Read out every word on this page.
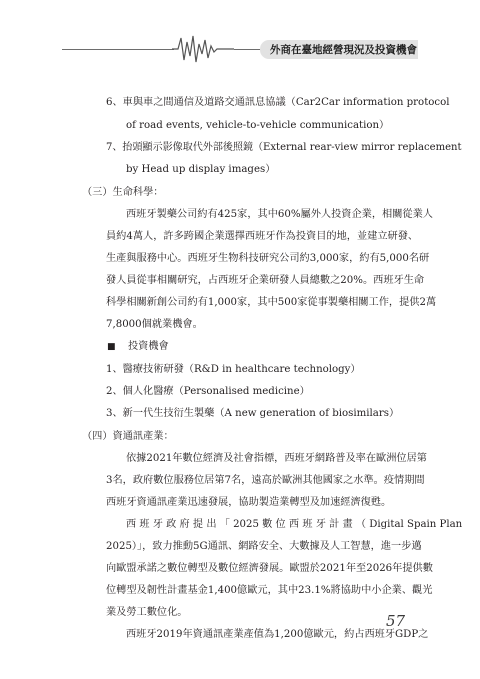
外商在臺地經營現況及投資機會
6、車與車之間通信及道路交通訊息協議（Car2Car information protocol
of road events, vehicle-to-vehicle communication）
7、抬頭顯示影像取代外部後照鏡（External rear-view mirror replacement
by Head up display images）
（三）生命科學：
西班牙製藥公司約有425家，其中60%屬外人投資企業，相關從業人
員約4萬人，許多跨國企業選擇西班牙作為投資目的地，並建立研發、
生產與服務中心。西班牙生物科技研究公司約3,000家，約有5,000名研
發人員從事相關研究，占西班牙企業研發人員總數之20%。西班牙生命
科學相關新創公司約有1,000家，其中500家從事製藥相關工作，提供2萬
7,8000個就業機會。
■ 投資機會
1、醫療技術研發（R&D in healthcare technology）
2、個人化醫療（Personalised medicine）
3、新一代生技衍生製藥（A new generation of biosimilars）
（四）資通訊產業：
依據2021年數位經濟及社會指標，西班牙網路普及率在歐洲位居第
3名，政府數位服務位居第7名，遠高於歐洲其他國家之水準。疫情期間
西班牙資通訊產業迅速發展，協助製造業轉型及加速經濟復甦。
西 班 牙 政 府 提 出 「 2025 數 位 西 班 牙 計 畫 （ Digital Spain Plan
2025）」，致力推動5G通訊、網路安全、大數據及人工智慧，進一步邁
向歐盟承諾之數位轉型及數位經濟發展。歐盟於2021年至2026年提供數
位轉型及韌性計畫基金1,400億歐元，其中23.1%將協助中小企業、觀光
業及勞工數位化。
西班牙2019年資通訊產業產值為1,200億歐元，約占西班牙GDP之
57
